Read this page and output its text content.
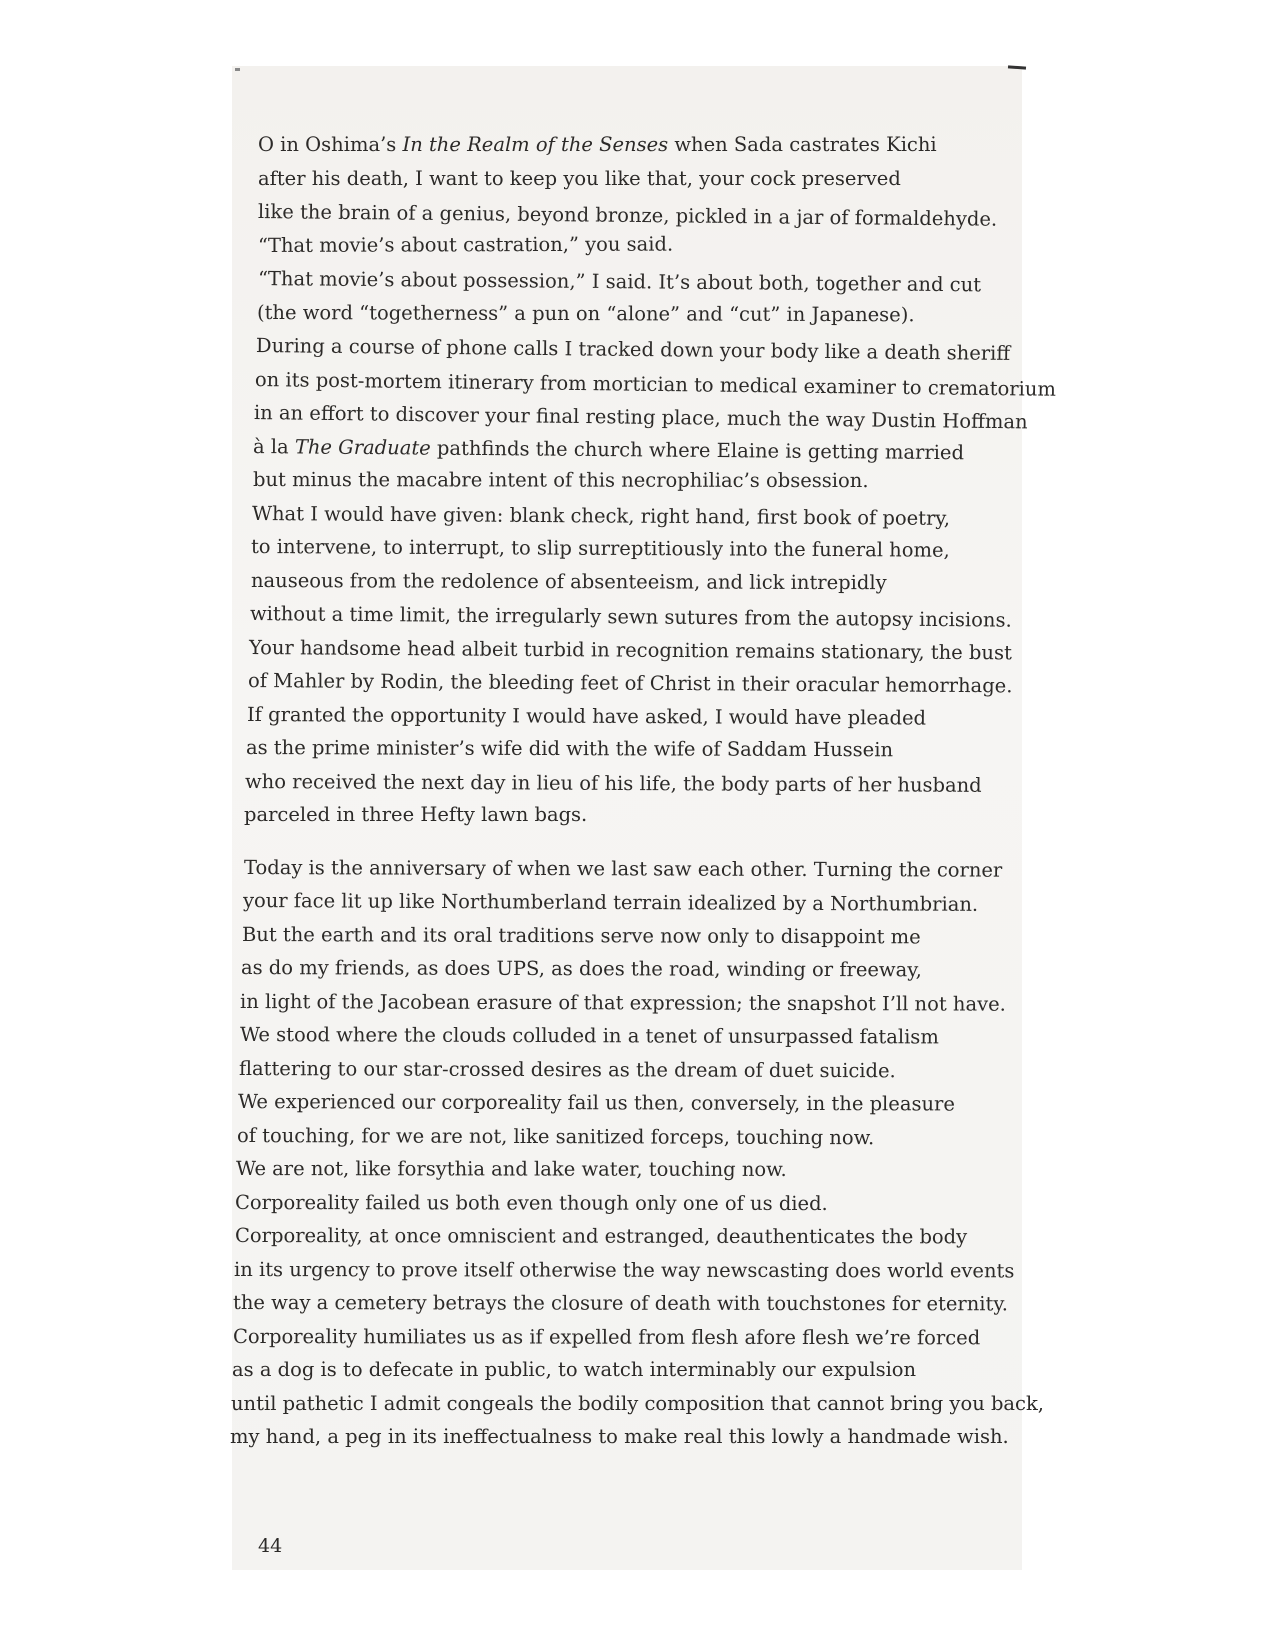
O in Oshima’s In the Realm of the Senses when Sada castrates Kichi
after his death, I want to keep you like that, your cock preserved
like the brain of a genius, beyond bronze, pickled in a jar of formaldehyde.
“That movie’s about castration,” you said.
“That movie’s about possession,” I said. It’s about both, together and cut
(the word “togetherness” a pun on “alone” and “cut” in Japanese).
During a course of phone calls I tracked down your body like a death sheriff
on its post-mortem itinerary from mortician to medical examiner to crematorium
in an effort to discover your final resting place, much the way Dustin Hoffman
à la The Graduate pathfinds the church where Elaine is getting married
but minus the macabre intent of this necrophiliac’s obsession.
What I would have given: blank check, right hand, first book of poetry,
to intervene, to interrupt, to slip surreptitiously into the funeral home,
nauseous from the redolence of absenteeism, and lick intrepidly
without a time limit, the irregularly sewn sutures from the autopsy incisions.
Your handsome head albeit turbid in recognition remains stationary, the bust
of Mahler by Rodin, the bleeding feet of Christ in their oracular hemorrhage.
If granted the opportunity I would have asked, I would have pleaded
as the prime minister’s wife did with the wife of Saddam Hussein
who received the next day in lieu of his life, the body parts of her husband
parceled in three Hefty lawn bags.
Today is the anniversary of when we last saw each other. Turning the corner
your face lit up like Northumberland terrain idealized by a Northumbrian.
But the earth and its oral traditions serve now only to disappoint me
as do my friends, as does UPS, as does the road, winding or freeway,
in light of the Jacobean erasure of that expression; the snapshot I’ll not have.
We stood where the clouds colluded in a tenet of unsurpassed fatalism
flattering to our star-crossed desires as the dream of duet suicide.
We experienced our corporeality fail us then, conversely, in the pleasure
of touching, for we are not, like sanitized forceps, touching now.
We are not, like forsythia and lake water, touching now.
Corporeality failed us both even though only one of us died.
Corporeality, at once omniscient and estranged, deauthenticates the body
in its urgency to prove itself otherwise the way newscasting does world events
the way a cemetery betrays the closure of death with touchstones for eternity.
Corporeality humiliates us as if expelled from flesh afore flesh we’re forced
as a dog is to defecate in public, to watch interminably our expulsion
until pathetic I admit congeals the bodily composition that cannot bring you back,
my hand, a peg in its ineffectualness to make real this lowly a handmade wish.
44
